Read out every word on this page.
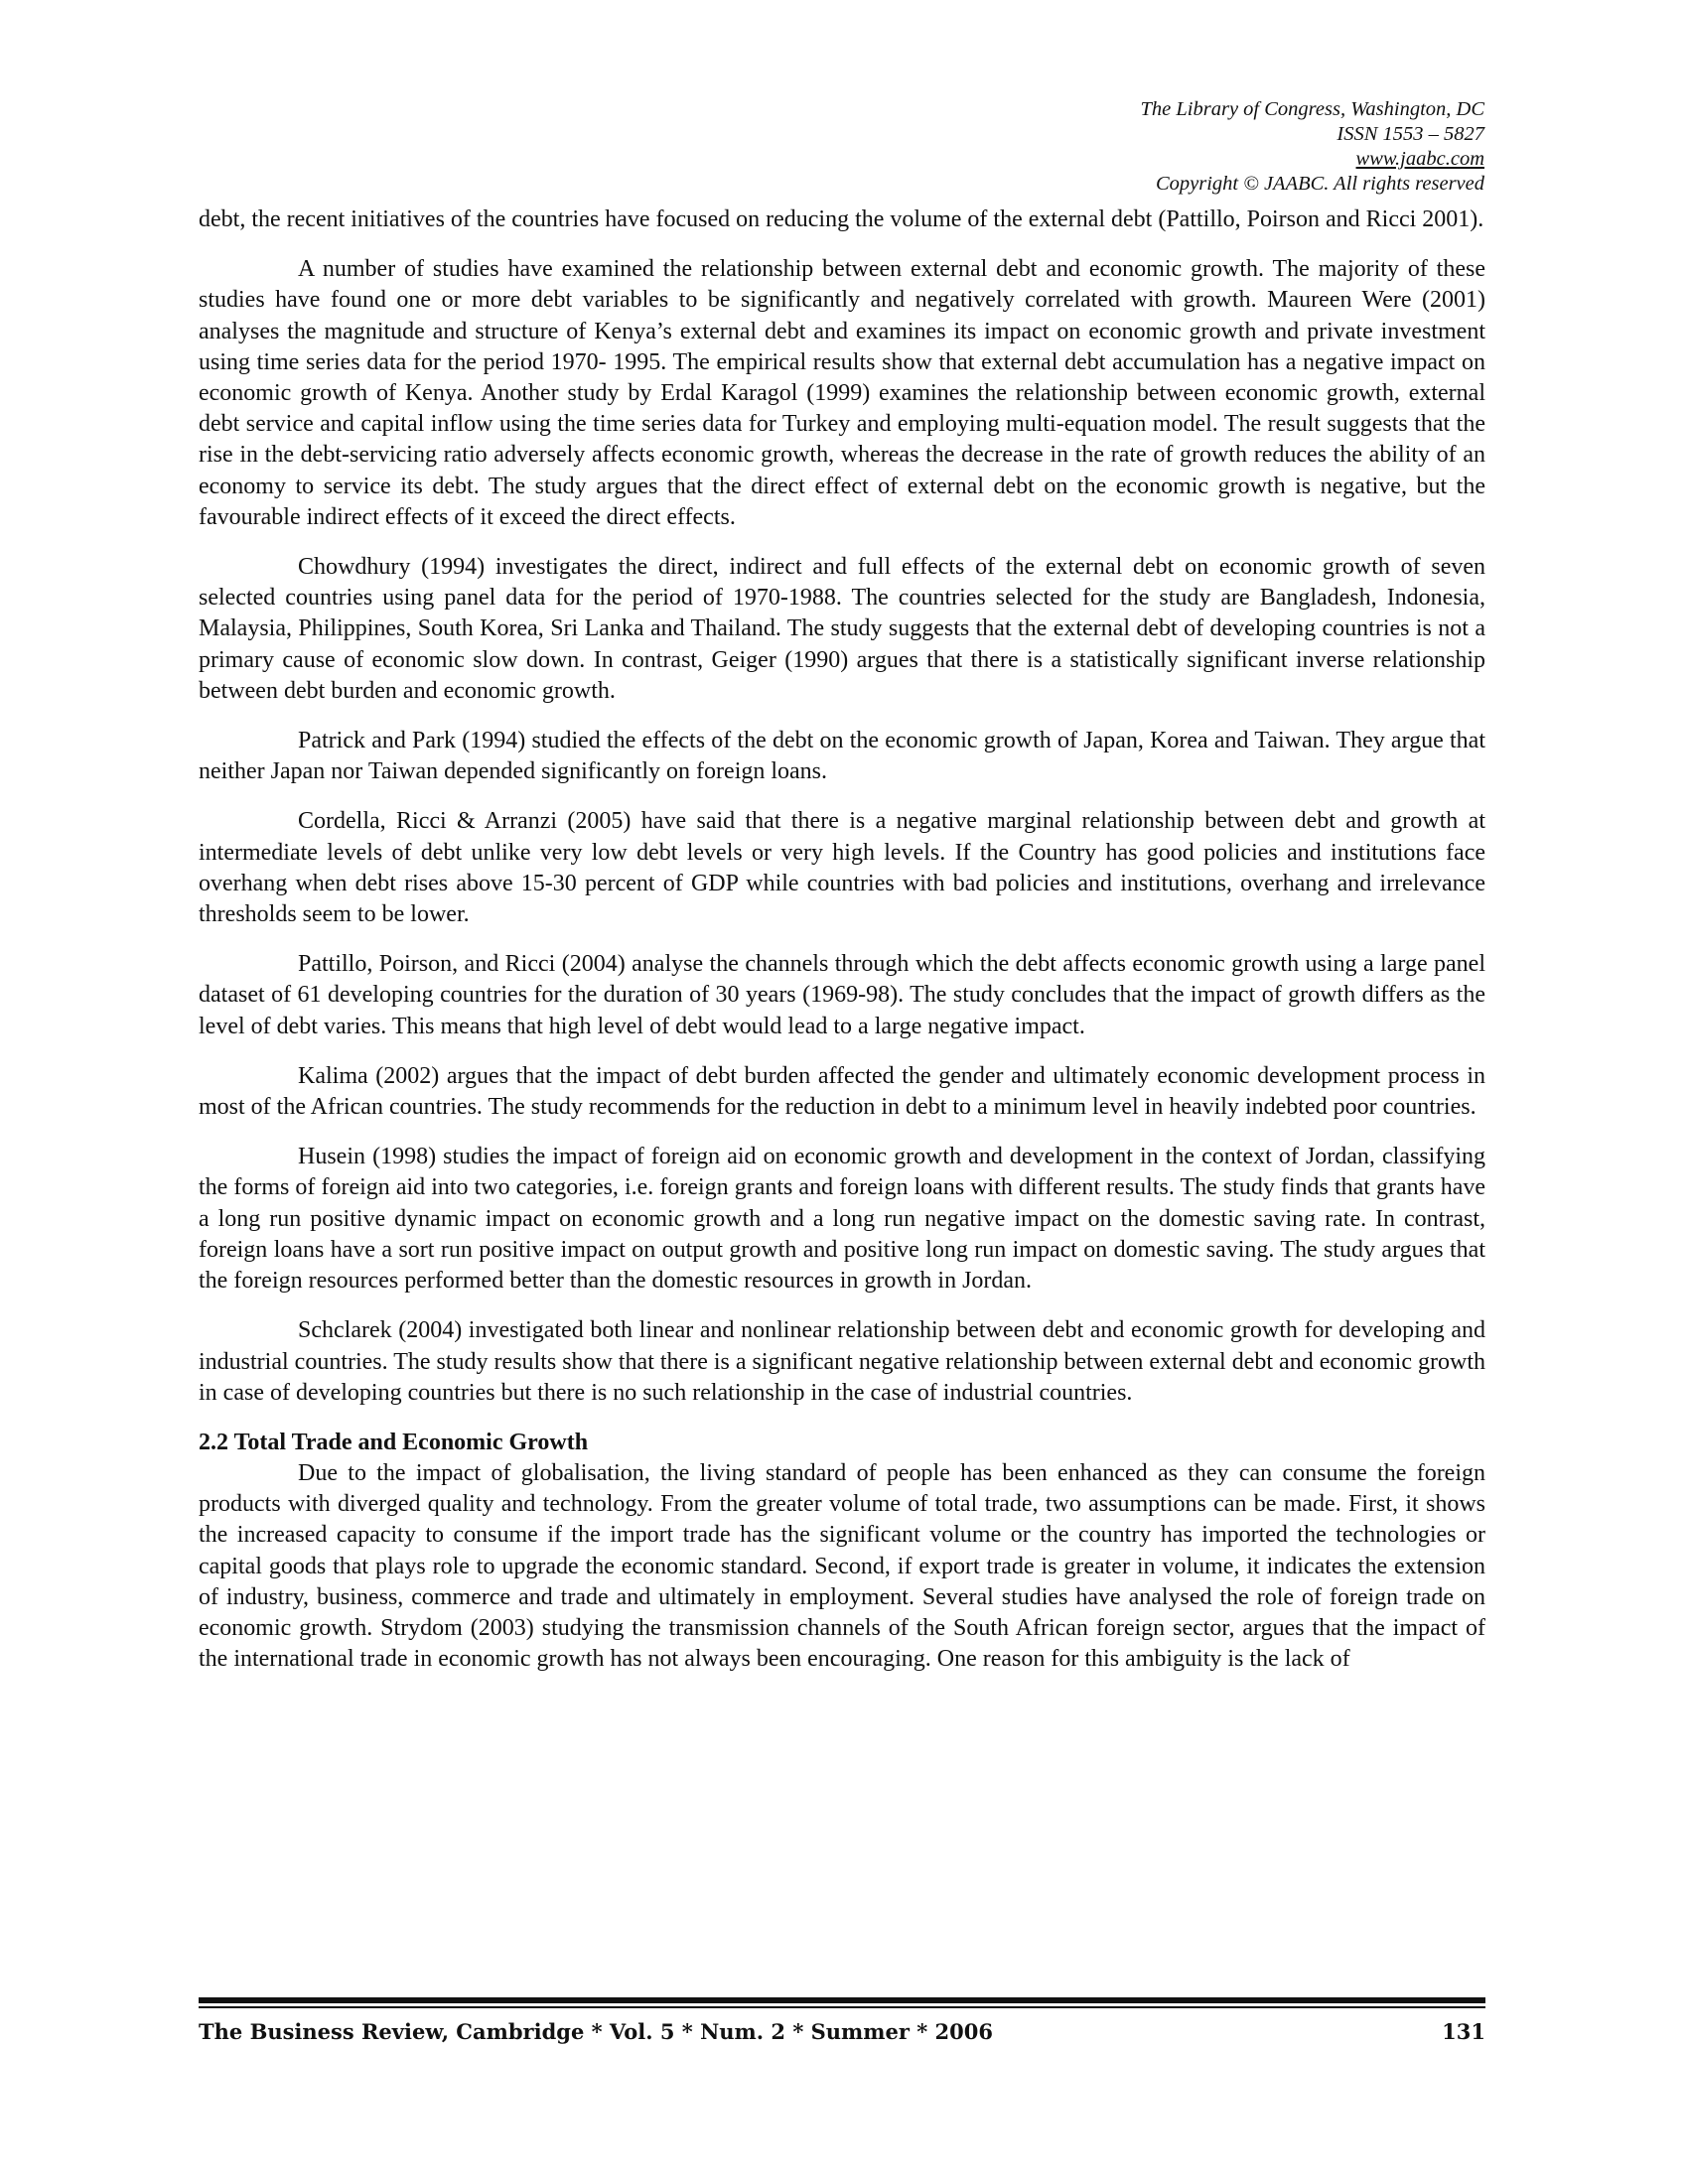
The Library of Congress, Washington, DC
ISSN 1553 – 5827
www.jaabc.com
Copyright © JAABC. All rights reserved

debt, the recent initiatives of the countries have focused on reducing the volume of the external debt (Pattillo, Poirson and Ricci 2001).

A number of studies have examined the relationship between external debt and economic growth. The majority of these studies have found one or more debt variables to be significantly and negatively correlated with growth. Maureen Were (2001) analyses the magnitude and structure of Kenya’s external debt and examines its impact on economic growth and private investment using time series data for the period 1970- 1995. The empirical results show that external debt accumulation has a negative impact on economic growth of Kenya. Another study by Erdal Karagol (1999) examines the relationship between economic growth, external debt service and capital inflow using the time series data for Turkey and employing multi-equation model. The result suggests that the rise in the debt-servicing ratio adversely affects economic growth, whereas the decrease in the rate of growth reduces the ability of an economy to service its debt. The study argues that the direct effect of external debt on the economic growth is negative, but the favourable indirect effects of it exceed the direct effects.

Chowdhury (1994) investigates the direct, indirect and full effects of the external debt on economic growth of seven selected countries using panel data for the period of 1970-1988. The countries selected for the study are Bangladesh, Indonesia, Malaysia, Philippines, South Korea, Sri Lanka and Thailand. The study suggests that the external debt of developing countries is not a primary cause of economic slow down. In contrast, Geiger (1990) argues that there is a statistically significant inverse relationship between debt burden and economic growth.

Patrick and Park (1994) studied the effects of the debt on the economic growth of Japan, Korea and Taiwan. They argue that neither Japan nor Taiwan depended significantly on foreign loans.

Cordella, Ricci & Arranzi (2005) have said that there is a negative marginal relationship between debt and growth at intermediate levels of debt unlike very low debt levels or very high levels. If the Country has good policies and institutions face overhang when debt rises above 15-30 percent of GDP while countries with bad policies and institutions, overhang and irrelevance thresholds seem to be lower.

Pattillo, Poirson, and Ricci (2004) analyse the channels through which the debt affects economic growth using a large panel dataset of 61 developing countries for the duration of 30 years (1969-98). The study concludes that the impact of growth differs as the level of debt varies. This means that high level of debt would lead to a large negative impact.

Kalima (2002) argues that the impact of debt burden affected the gender and ultimately economic development process in most of the African countries. The study recommends for the reduction in debt to a minimum level in heavily indebted poor countries.

Husein (1998) studies the impact of foreign aid on economic growth and development in the context of Jordan, classifying the forms of foreign aid into two categories, i.e. foreign grants and foreign loans with different results. The study finds that grants have a long run positive dynamic impact on economic growth and a long run negative impact on the domestic saving rate. In contrast, foreign loans have a sort run positive impact on output growth and positive long run impact on domestic saving. The study argues that the foreign resources performed better than the domestic resources in growth in Jordan.

Schclarek (2004) investigated both linear and nonlinear relationship between debt and economic growth for developing and industrial countries. The study results show that there is a significant negative relationship between external debt and economic growth in case of developing countries but there is no such relationship in the case of industrial countries.

2.2 Total Trade and Economic Growth

Due to the impact of globalisation, the living standard of people has been enhanced as they can consume the foreign products with diverged quality and technology. From the greater volume of total trade, two assumptions can be made. First, it shows the increased capacity to consume if the import trade has the significant volume or the country has imported the technologies or capital goods that plays role to upgrade the economic standard. Second, if export trade is greater in volume, it indicates the extension of industry, business, commerce and trade and ultimately in employment. Several studies have analysed the role of foreign trade on economic growth. Strydom (2003) studying the transmission channels of the South African foreign sector, argues that the impact of the international trade in economic growth has not always been encouraging. One reason for this ambiguity is the lack of

The Business Review, Cambridge * Vol. 5 * Num. 2 * Summer * 2006	131
